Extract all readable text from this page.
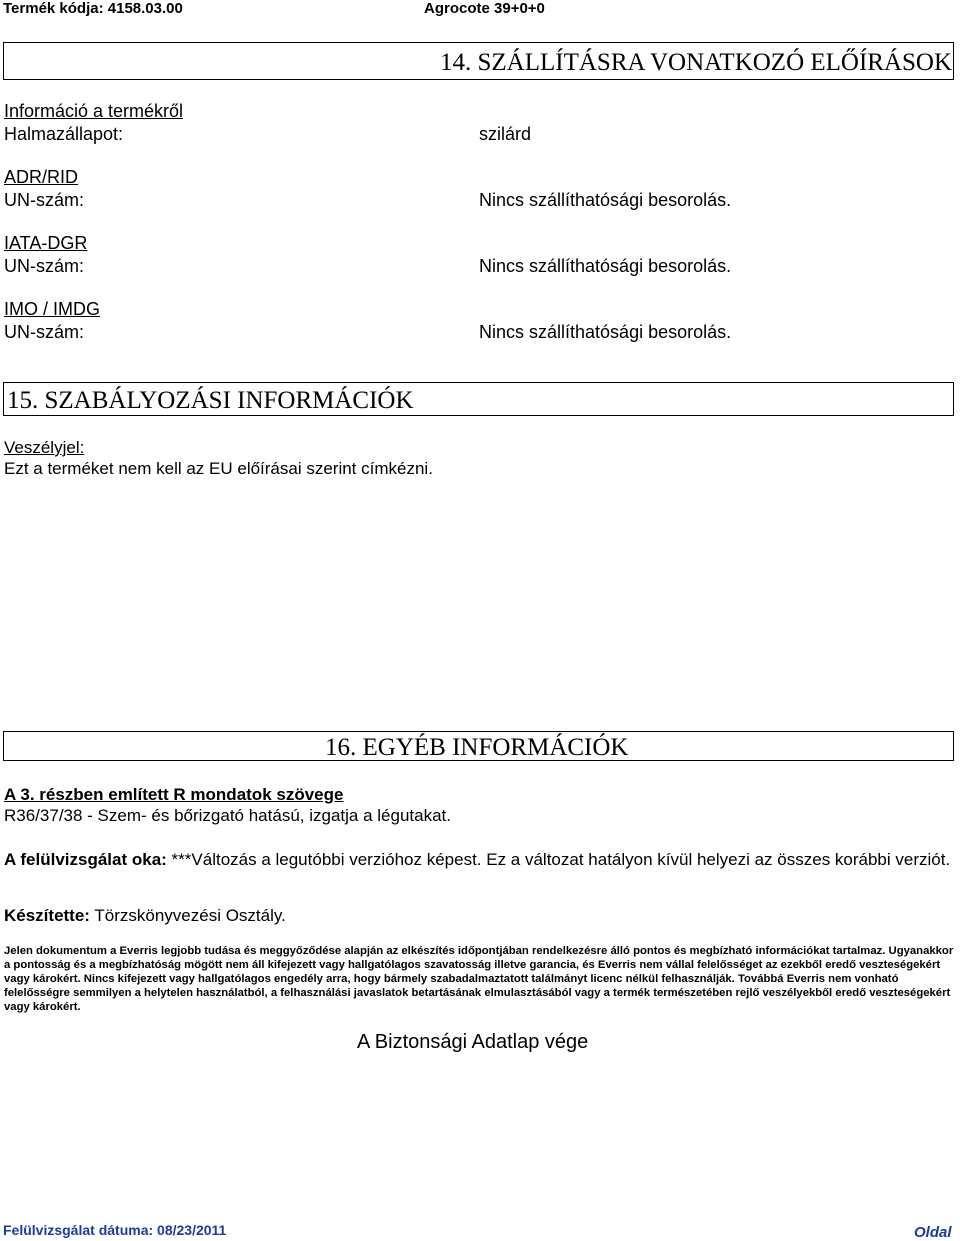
Termék kódja: 4158.03.00	Agrocote 39+0+0
14. SZÁLLÍTÁSRA VONATKOZÓ ELŐÍRÁSOK
Információ a termékről
Halmazállapot:	szilárd
ADR/RID
UN-szám:	Nincs szállíthatósági besorolás.
IATA-DGR
UN-szám:	Nincs szállíthatósági besorolás.
IMO / IMDG
UN-szám:	Nincs szállíthatósági besorolás.
15. SZABÁLYOZÁSI INFORMÁCIÓK
Veszélyjel:
Ezt a terméket nem kell az EU előírásai szerint címkézni.
16. EGYÉB INFORMÁCIÓK
A 3. részben említett R mondatok szövege
R36/37/38 - Szem- és bőrizgató hatású, izgatja a légutakat.
A felülvizsgálat oka: ***Változás a legutóbbi verzióhoz képest. Ez a változat hatályon kívül helyezi az összes korábbi verziót.
Készítette: Törzskönyvezési Osztály.
Jelen dokumentum a Everris legjobb tudása és meggyőződése alapján az elkészítés időpontjában rendelkezésre álló pontos és megbízható információkat tartalmaz. Ugyanakkor a pontosság és a megbízhatóság mögött nem áll kifejezett vagy hallgatólagos szavatosság illetve garancia, és Everris nem vállal felelősséget az ezekből eredő veszteségekért vagy károkért. Nincs kifejezett vagy hallgatólagos engedély arra, hogy bármely szabadalmaztatott találmányt licenc nélkül felhasználják. Továbbá Everris nem vonható felelősségre semmilyen a helytelen használatból, a felhasználási javaslatok betartásának elmulasztásából vagy a termék természetében rejlő veszélyekből eredő veszteségekért vagy károkért.
A Biztonsági Adatlap vége
Felülvizsgálat dátuma: 08/23/2011	Oldal
